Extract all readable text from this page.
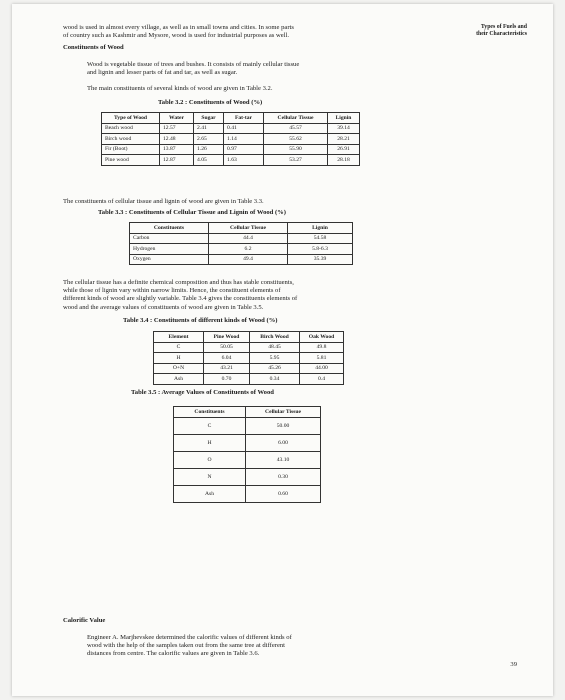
Types of Fuels and
their Characteristics
wood is used in almost every village, as well as in small towns and cities. In some parts
of country such as Kashmir and Mysore, wood is used for industrial purposes as well.
Constituents of Wood
Wood is vegetable tissue of trees and bushes. It consists of mainly cellular tissue
and lignin and lesser parts of fat and tar, as well as sugar.
The main constituents of several kinds of wood are given in Table 3.2.
Table 3.2 : Constituents of Wood (%)
Type of Wood	Water	Sugar	Fat-tar	Cellular Tissue	Lignin
Beach wood	12.57	2.41	0.41	45.57	39.14
Birch wood	12.48	2.65	1.14	55.62	28.21
Fir (Boot)	13.87	1.26	0.97	55.90	26.91
Pine wood	12.87	4.05	1.63	53.27	28.18
The constituents of cellular tissue and lignin of wood are given in Table 3.3.
Table 3.3 : Constituents of Cellular Tissue and Lignin of Wood (%)
Constituents	Cellular Tissue	Lignin
Carbon	44.4	54.58
Hydrogen	6.2	5.8-6.3
Oxygen	49.4	35.39
The cellular tissue has a definite chemical composition and thus has stable constituents,
while those of lignin vary within narrow limits. Hence, the constituent elements of
different kinds of wood are slightly variable. Table 3.4 gives the constituents elements of
wood and the average values of constituents of wood are given in Table 3.5.
Table 3.4 : Constituents of different kinds of Wood (%)
Element	Pine Wood	Birch Wood	Oak Wood
C	50.05	48.45	49.8
H	6.04	5.95	5.81
O+N	43.21	45.26	44.00
Ash	0.70	0.34	0.4
Table 3.5 : Average Values of Constituents of Wood
Constituents	Cellular Tissue
C	50.00
H	6.00
O	43.10
N	0.30
Ash	0.60
Calorific Value
Engineer A. Marjhevskee determined the calorific values of different kinds of
wood with the help of the samples taken out from the same tree at different
distances from centre. The calorific values are given in Table 3.6.
39
